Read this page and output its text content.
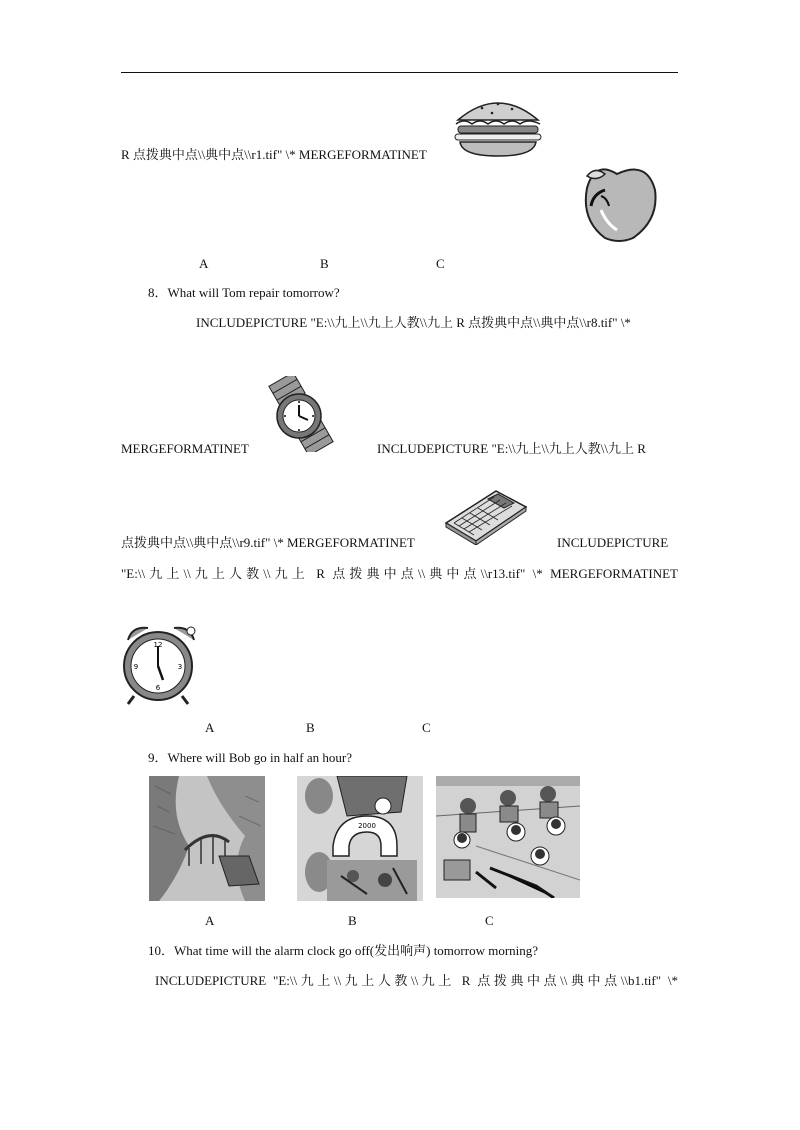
R 点拨典中点\\典中点\\r1.tif" \* MERGEFORMATINET
A	B	C
8．What will Tom repair tomorrow?
INCLUDEPICTURE "E:\\九上\\九上人教\\九上 R 点拨典中点\\典中点\\r8.tif" \*
MERGEFORMATINET	INCLUDEPICTURE "E:\\九上\\九上人教\\九上 R
点拨典中点\\典中点\\r9.tif" \* MERGEFORMATINET	INCLUDEPICTURE
"E:\\九上\\九上人教\\九上 R 点拨典中点\\典中点\\r13.tif" \* MERGEFORMATINET
12
3
6
9
A	B	C
9．Where will Bob go in half an hour?
2000
A	B	C
10．What time will the alarm clock go off(发出响声) tomorrow morning?
INCLUDEPICTURE "E:\\九上\\九上人教\\九上 R 点拨典中点\\典中点\\b1.tif" \*
